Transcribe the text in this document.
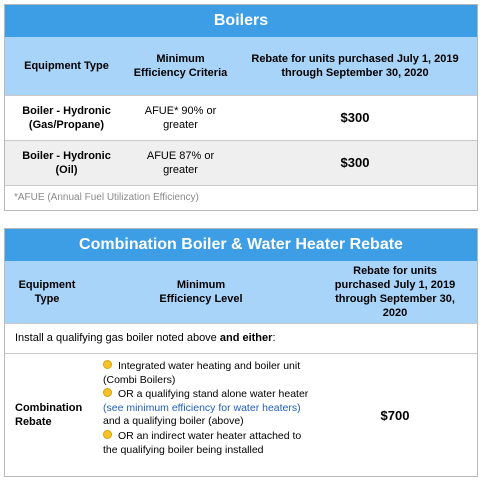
Boilers
Equipment Type
Minimum
Efficiency Criteria
Rebate for units purchased July 1, 2019
through September 30, 2020
Boiler - Hydronic
(Gas/Propane)
AFUE* 90% or
greater	$300
Boiler - Hydronic
(Oil)
AFUE 87% or
greater	$300
*AFUE (Annual Fuel Utilization Efficiency)
Combination Boiler & Water Heater Rebate
Equipment
Type
Minimum
Efficiency Level
Rebate for units
purchased July 1, 2019
through September 30,
2020
Install a qualifying gas boiler noted above and either:
Combination
Rebate
Integrated water heating and boiler unit (Combi Boilers)
OR a qualifying stand alone water heater (see minimum efficiency for water heaters) and a qualifying boiler (above)
OR an indirect water heater attached to the qualifying boiler being installed
$700
